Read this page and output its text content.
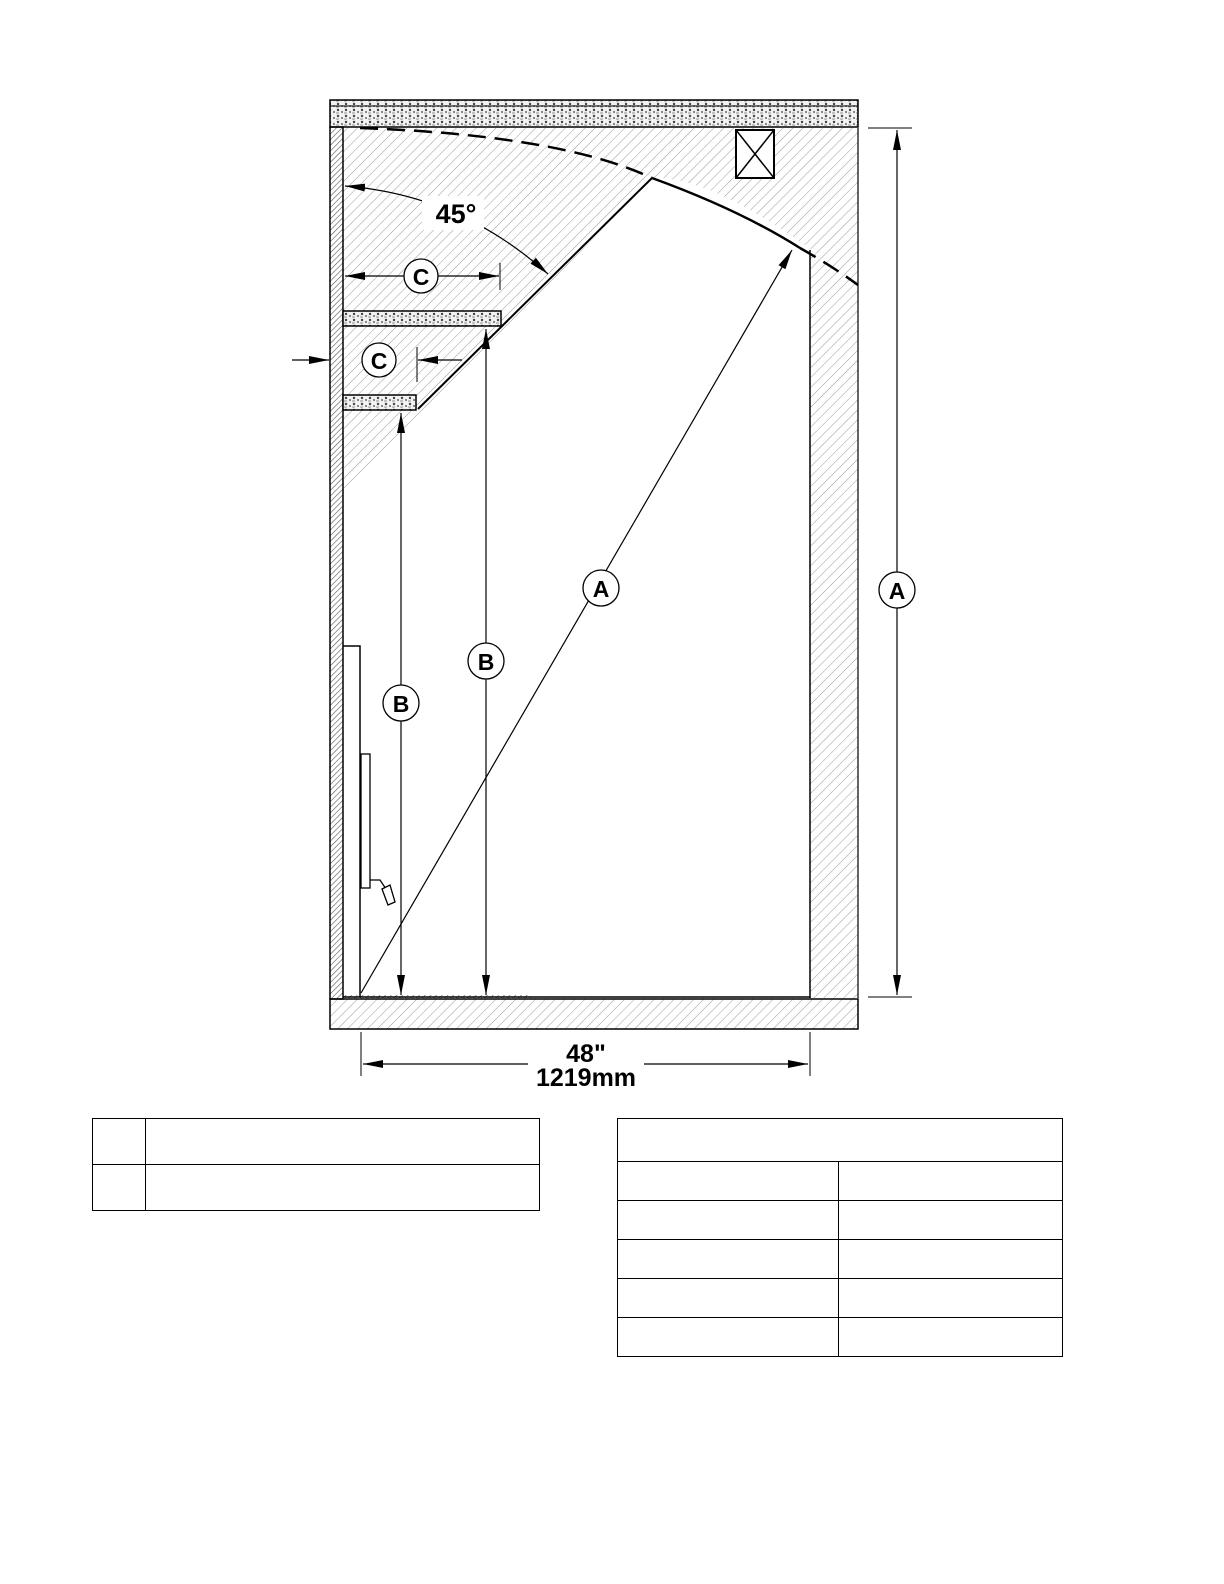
45°
C
C
B
B
A	A
48"
1219mm
